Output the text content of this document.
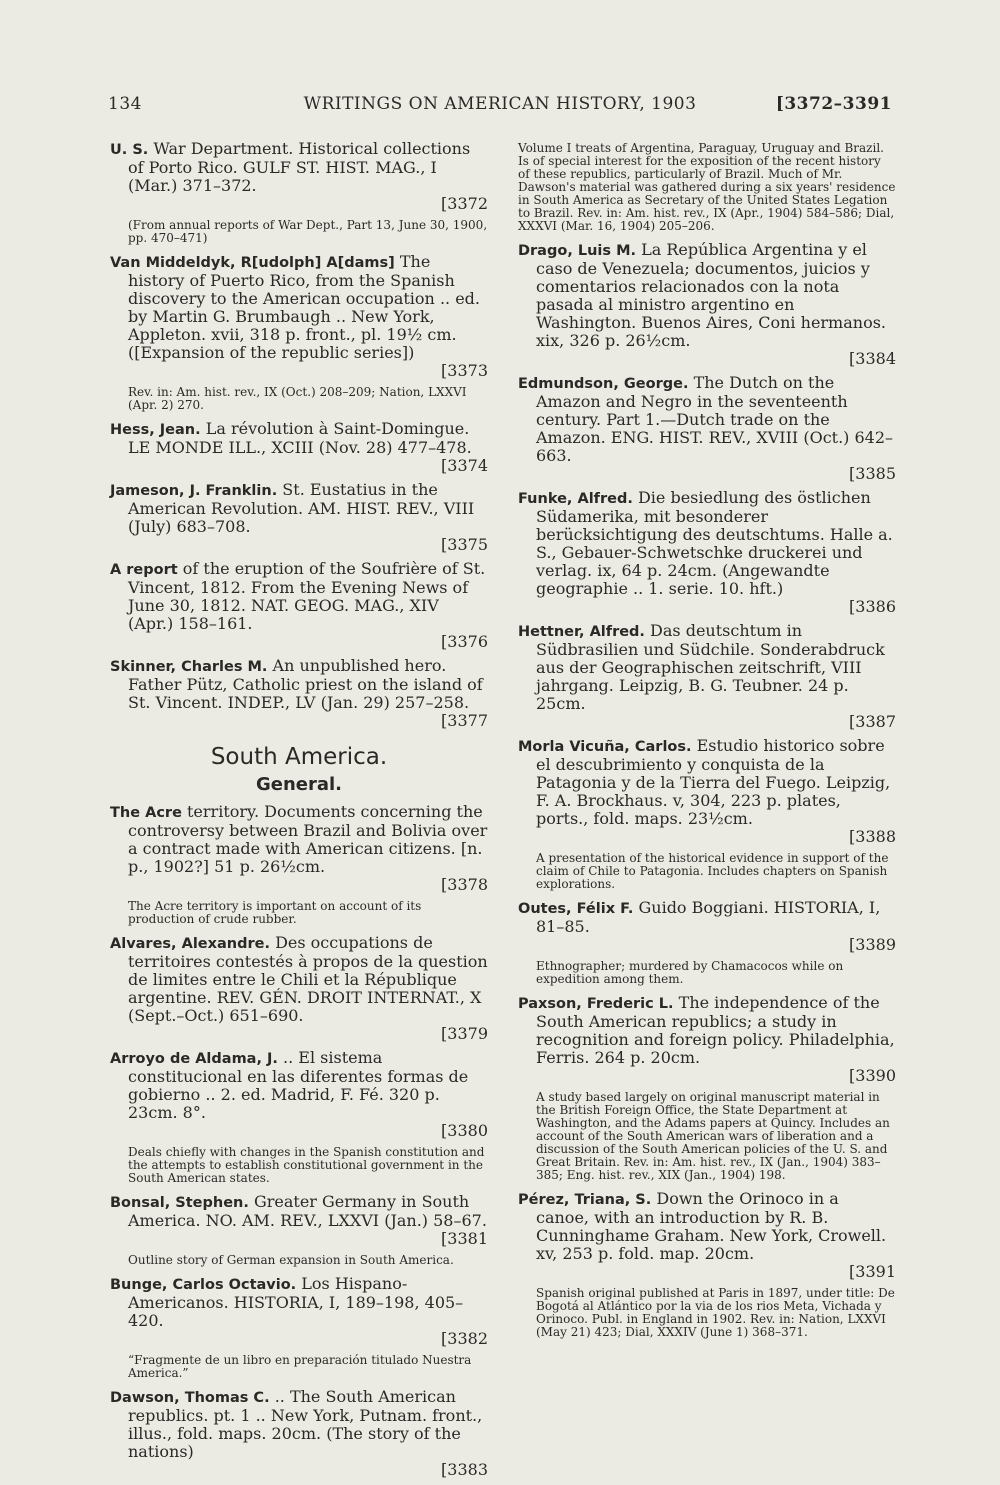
134	WRITINGS ON AMERICAN HISTORY, 1903	[3372–3391
U. S. War Department. Historical collections of Porto Rico. GULF ST. HIST. MAG., I (Mar.) 371–372.
[3372
(From annual reports of War Dept., Part 13, June 30, 1900, pp. 470–471)
Van Middeldyk, R[udolph] A[dams] The history of Puerto Rico, from the Spanish discovery to the American occupation .. ed. by Martin G. Brumbaugh .. New York, Appleton. xvii, 318 p. front., pl. 19½ cm. ([Expansion of the republic series])
[3373
Rev. in: Am. hist. rev., IX (Oct.) 208–209; Nation, LXXVI (Apr. 2) 270.
Hess, Jean. La révolution à Saint-Domingue. LE MONDE ILL., XCIII (Nov. 28) 477–478.
[3374
Jameson, J. Franklin. St. Eustatius in the American Revolution. AM. HIST. REV., VIII (July) 683–708.
[3375
A report of the eruption of the Soufrière of St. Vincent, 1812. From the Evening News of June 30, 1812. NAT. GEOG. MAG., XIV (Apr.) 158–161.
[3376
Skinner, Charles M. An unpublished hero. Father Pütz, Catholic priest on the island of St. Vincent. INDEP., LV (Jan. 29) 257–258.
[3377
South America.
General.
The Acre territory. Documents concerning the controversy between Brazil and Bolivia over a contract made with American citizens. [n. p., 1902?] 51 p. 26½cm.
[3378
The Acre territory is important on account of its production of crude rubber.
Alvares, Alexandre. Des occupations de territoires contestés à propos de la question de limites entre le Chili et la République argentine. REV. GÉN. DROIT INTERNAT., X (Sept.–Oct.) 651–690.
[3379
Arroyo de Aldama, J. .. El sistema constitucional en las diferentes formas de gobierno .. 2. ed. Madrid, F. Fé. 320 p. 23cm. 8°.
[3380
Deals chiefly with changes in the Spanish constitution and the attempts to establish constitutional government in the South American states.
Bonsal, Stephen. Greater Germany in South America. NO. AM. REV., LXXVI (Jan.) 58–67.
[3381
Outline story of German expansion in South America.
Bunge, Carlos Octavio. Los Hispano-Americanos. HISTORIA, I, 189–198, 405–420.
[3382
“Fragmente de un libro en preparación titulado Nuestra America.”
Dawson, Thomas C. .. The South American republics. pt. 1 .. New York, Putnam. front., illus., fold. maps. 20cm. (The story of the nations)
[3383
Volume I treats of Argentina, Paraguay, Uruguay and Brazil. Is of special interest for the exposition of the recent history of these republics, particularly of Brazil. Much of Mr. Dawson's material was gathered during a six years' residence in South America as Secretary of the United States Legation to Brazil. Rev. in: Am. hist. rev., IX (Apr., 1904) 584–586; Dial, XXXVI (Mar. 16, 1904) 205–206.
Drago, Luis M. La República Argentina y el caso de Venezuela; documentos, juicios y comentarios relacionados con la nota pasada al ministro argentino en Washington. Buenos Aires, Coni hermanos. xix, 326 p. 26½cm.
[3384
Edmundson, George. The Dutch on the Amazon and Negro in the seventeenth century. Part 1.—Dutch trade on the Amazon. ENG. HIST. REV., XVIII (Oct.) 642–663.
[3385
Funke, Alfred. Die besiedlung des östlichen Südamerika, mit besonderer berücksichtigung des deutschtums. Halle a. S., Gebauer-Schwetschke druckerei und verlag. ix, 64 p. 24cm. (Angewandte geographie .. 1. serie. 10. hft.)
[3386
Hettner, Alfred. Das deutschtum in Südbrasilien und Südchile. Sonderabdruck aus der Geographischen zeitschrift, VIII jahrgang. Leipzig, B. G. Teubner. 24 p. 25cm.
[3387
Morla Vicuña, Carlos. Estudio historico sobre el descubrimiento y conquista de la Patagonia y de la Tierra del Fuego. Leipzig, F. A. Brockhaus. v, 304, 223 p. plates, ports., fold. maps. 23½cm.
[3388
A presentation of the historical evidence in support of the claim of Chile to Patagonia. Includes chapters on Spanish explorations.
Outes, Félix F. Guido Boggiani. HISTORIA, I, 81–85.
[3389
Ethnographer; murdered by Chamacocos while on expedition among them.
Paxson, Frederic L. The independence of the South American republics; a study in recognition and foreign policy. Philadelphia, Ferris. 264 p. 20cm.
[3390
A study based largely on original manuscript material in the British Foreign Office, the State Department at Washington, and the Adams papers at Quincy. Includes an account of the South American wars of liberation and a discussion of the South American policies of the U. S. and Great Britain. Rev. in: Am. hist. rev., IX (Jan., 1904) 383–385; Eng. hist. rev., XIX (Jan., 1904) 198.
Pérez, Triana, S. Down the Orinoco in a canoe, with an introduction by R. B. Cunninghame Graham. New York, Crowell. xv, 253 p. fold. map. 20cm.
[3391
Spanish original published at Paris in 1897, under title: De Bogotá al Atlántico por la via de los rios Meta, Vichada y Orinoco. Publ. in England in 1902. Rev. in: Nation, LXXVI (May 21) 423; Dial, XXXIV (June 1) 368–371.
